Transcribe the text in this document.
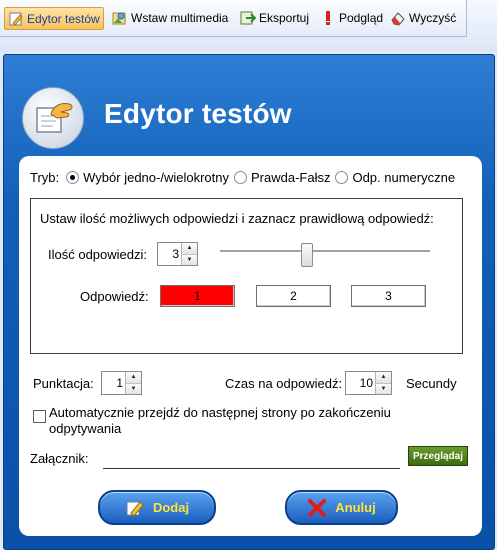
Edytor testów	Wstaw multimedia	Eksportuj Podgląd Wyczyść
Edytor testów
Tryb: Wybór jedno-/wielokrotny Prawda-Fałsz Odp. numeryczne
Ustaw ilość możliwych odpowiedzi i zaznacz prawidłową odpowiedź:
Ilość odpowiedzi:	3	▲
▼
Odpowiedź:	1	2	3
Punktacja:	1	▲
▼	Czas na odpowiedź:	10	▲
▼	Secundy
Automatycznie przejdź do następnej strony po zakończeniu odpytywania
Załącznik:	Przeglądaj
Dodaj	Anuluj
